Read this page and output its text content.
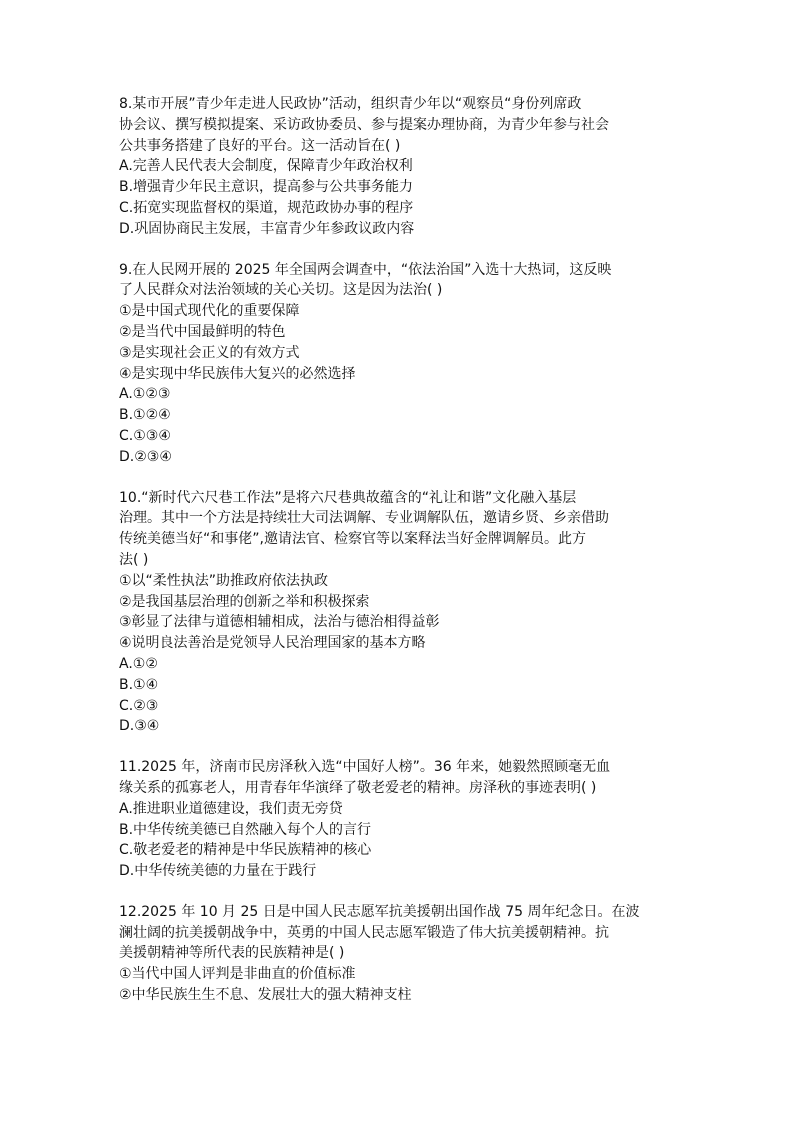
8.某市开展”青少年走进人民政协”活动，组织青少年以“观察员“身份列席政
协会议、撰写模拟提案、采访政协委员、参与提案办理协商，为青少年参与社会
公共事务搭建了良好的平台。这一活动旨在( )
A.完善人民代表大会制度，保障青少年政治权利
B.增强青少年民主意识，提高参与公共事务能力
C.拓宽实现监督权的渠道，规范政协办事的程序
D.巩固协商民主发展，丰富青少年参政议政内容
9.在人民网开展的 2025 年全国两会调查中，“依法治国”入选十大热词，这反映
了人民群众对法治领域的关心关切。这是因为法治( )
①是中国式现代化的重要保障
②是当代中国最鲜明的特色
③是实现社会正义的有效方式
④是实现中华民族伟大复兴的必然选择
A.①②③
B.①②④
C.①③④
D.②③④
10.“新时代六尺巷工作法”是将六尺巷典故蕴含的“礼让和谐”文化融入基层
治理。其中一个方法是持续壮大司法调解、专业调解队伍，邀请乡贤、乡亲借助
传统美德当好“和事佬”,邀请法官、检察官等以案释法当好金牌调解员。此方
法( )
①以“柔性执法”助推政府依法执政
②是我国基层治理的创新之举和积极探索
③彰显了法律与道德相辅相成，法治与德治相得益彰
④说明良法善治是党领导人民治理国家的基本方略
A.①②
B.①④
C.②③
D.③④
11.2025 年，济南市民房泽秋入选“中国好人榜”。36 年来，她毅然照顾毫无血
缘关系的孤寡老人，用青春年华演绎了敬老爱老的精神。房泽秋的事迹表明( )
A.推进职业道德建设，我们责无旁贷
B.中华传统美德已自然融入每个人的言行
C.敬老爱老的精神是中华民族精神的核心
D.中华传统美德的力量在于践行
12.2025 年 10 月 25 日是中国人民志愿军抗美援朝出国作战 75 周年纪念日。在波
澜壮阔的抗美援朝战争中，英勇的中国人民志愿军锻造了伟大抗美援朝精神。抗
美援朝精神等所代表的民族精神是( )
①当代中国人评判是非曲直的价值标准
②中华民族生生不息、发展壮大的强大精神支柱
